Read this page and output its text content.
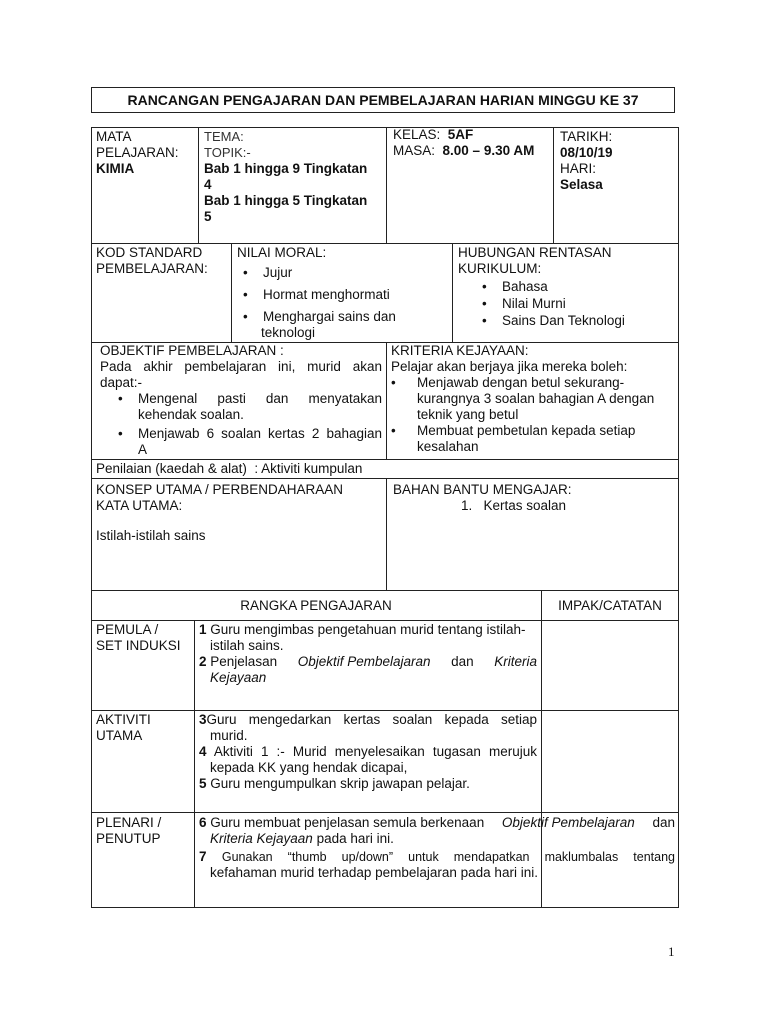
RANCANGAN PENGAJARAN DAN PEMBELAJARAN HARIAN MINGGU KE 37
MATA
PELAJARAN:
KIMIA
TEMA:
TOPIK:-
Bab 1 hingga 9 Tingkatan
4
Bab 1 hingga 5 Tingkatan
5
KELAS: 5AF
MASA: 8.00 – 9.30 AM
TARIKH:
08/10/19
HARI:
Selasa
KOD STANDARD
PEMBELAJARAN:
NILAI MORAL:
• Jujur
• Hormat menghormati
• Menghargai sains dan
teknologi
HUBUNGAN RENTASAN
KURIKULUM:
• Bahasa
• Nilai Murni
• Sains Dan Teknologi
OBJEKTIF PEMBELAJARAN :
Pada akhir pembelajaran ini, murid akan
dapat:-
• Mengenal pasti dan menyatakan
kehendak soalan.
• Menjawab 6 soalan kertas 2 bahagian
A
KRITERIA KEJAYAAN:
Pelajar akan berjaya jika mereka boleh:
• Menjawab dengan betul sekurang-
kurangnya 3 soalan bahagian A dengan
teknik yang betul
• Membuat pembetulan kepada setiap
kesalahan
Penilaian (kaedah & alat)  : Aktiviti kumpulan
KONSEP UTAMA / PERBENDAHARAAN
KATA UTAMA:
Istilah-istilah sains
BAHAN BANTU MENGAJAR:
1.   Kertas soalan
RANGKA PENGAJARAN	IMPAK/CATATAN
PEMULA /
SET INDUKSI
1 Guru mengimbas pengetahuan murid tentang istilah-
istilah sains.
2 Penjelasan Objektif Pembelajaran dan Kriteria
Kejayaan
AKTIVITI
UTAMA
3Guru mengedarkan kertas soalan kepada setiap
murid.
4 Aktiviti 1 :- Murid menyelesaikan tugasan merujuk
kepada KK yang hendak dicapai,
5 Guru mengumpulkan skrip jawapan pelajar.
PLENARI /
PENUTUP
6 Guru membuat penjelasan semula berkenaan Objektif Pembelajaran dan
Kriteria Kejayaan pada hari ini.
7 Gunakan “thumb up/down” untuk mendapatkan maklumbalas tentang
kefahaman murid terhadap pembelajaran pada hari ini.
1
